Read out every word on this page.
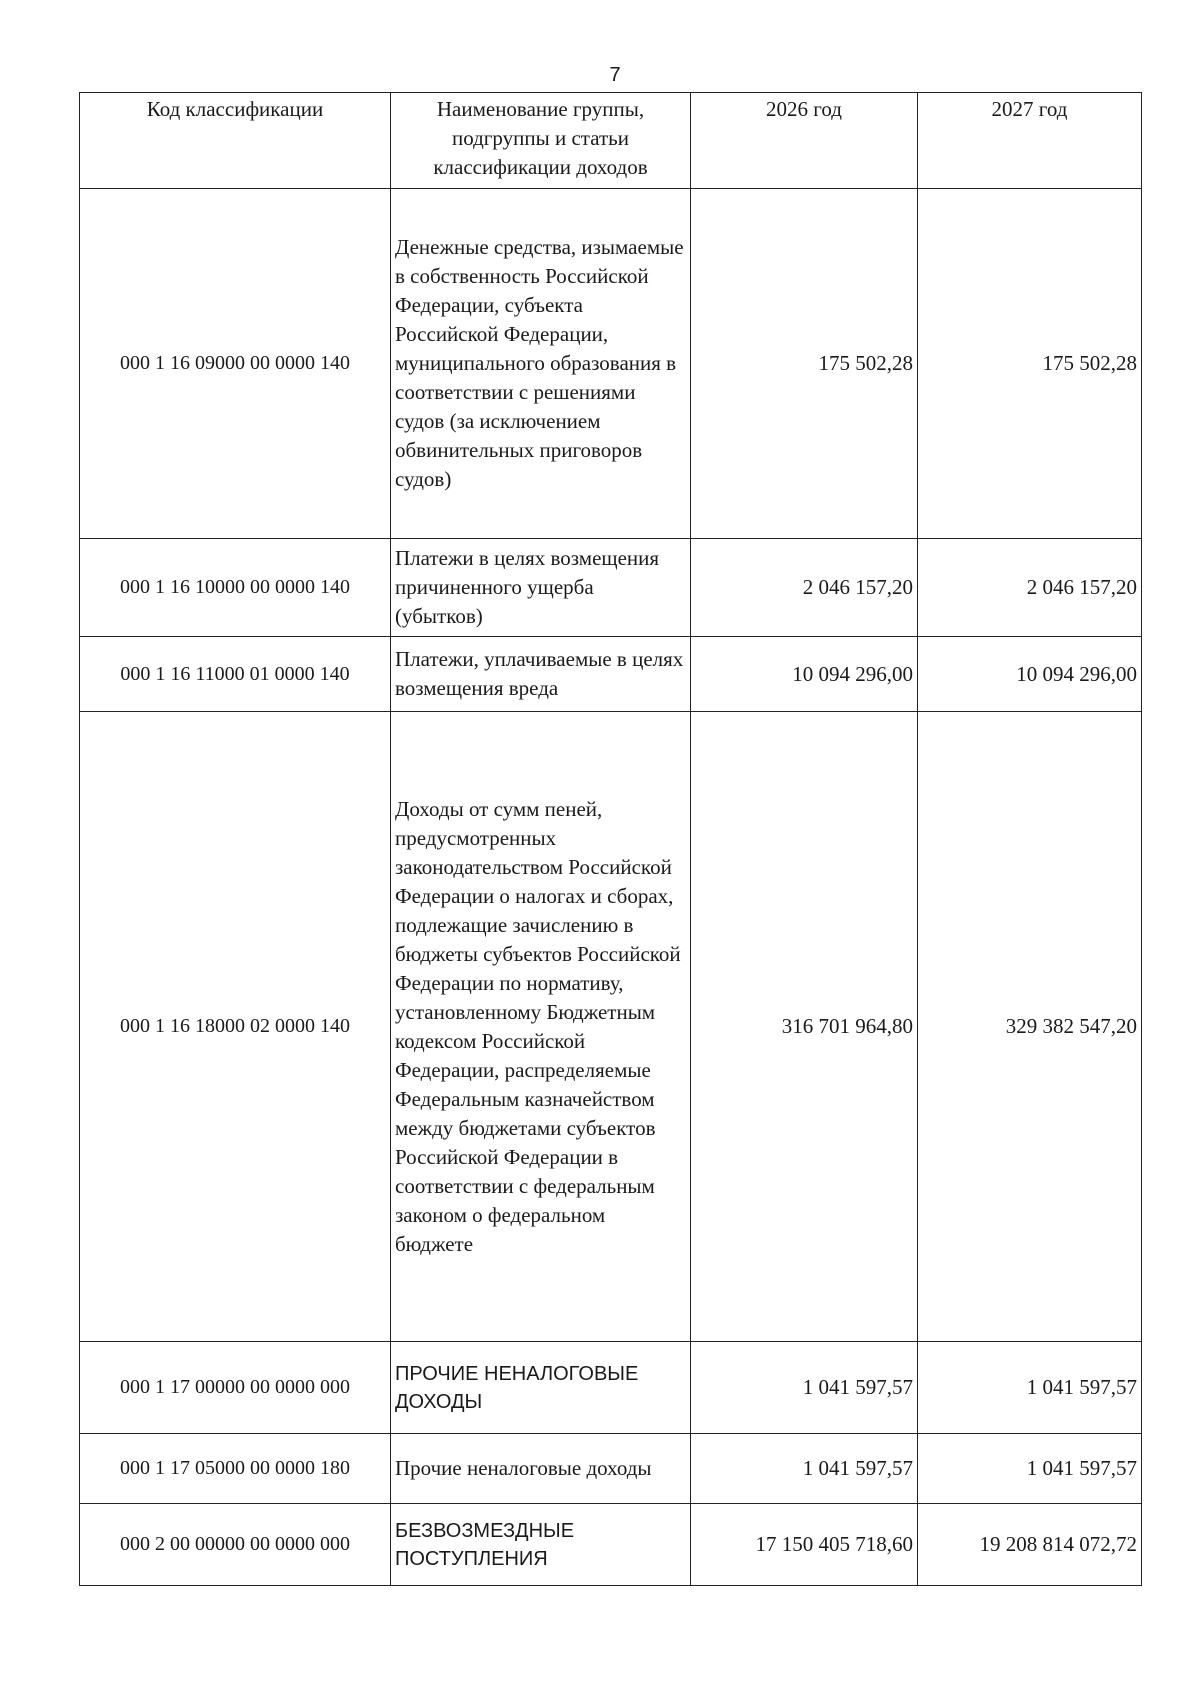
7
Код классификации	Наименование группы, подгруппы и статьи классификации доходов	2026 год	2027 год
000 1 16 09000 00 0000 140	Денежные средства, изымаемые в собственность Российской Федерации, субъекта Российской Федерации, муниципального образования в соответствии с решениями судов (за исключением обвинительных приговоров судов)	175 502,28	175 502,28
000 1 16 10000 00 0000 140	Платежи в целях возмещения причиненного ущерба (убытков)	2 046 157,20	2 046 157,20
000 1 16 11000 01 0000 140	Платежи, уплачиваемые в целях возмещения вреда	10 094 296,00	10 094 296,00
000 1 16 18000 02 0000 140	Доходы от сумм пеней, предусмотренных законодательством Российской Федерации о налогах и сборах, подлежащие зачислению в бюджеты субъектов Российской Федерации по нормативу, установленному Бюджетным кодексом Российской Федерации, распределяемые Федеральным казначейством между бюджетами субъектов Российской Федерации в соответствии с федеральным законом о федеральном бюджете	316 701 964,80	329 382 547,20
000 1 17 00000 00 0000 000	ПРОЧИЕ НЕНАЛОГОВЫЕ ДОХОДЫ	1 041 597,57	1 041 597,57
000 1 17 05000 00 0000 180	Прочие неналоговые доходы	1 041 597,57	1 041 597,57
000 2 00 00000 00 0000 000	БЕЗВОЗМЕЗДНЫЕ ПОСТУПЛЕНИЯ	17 150 405 718,60	19 208 814 072,72
